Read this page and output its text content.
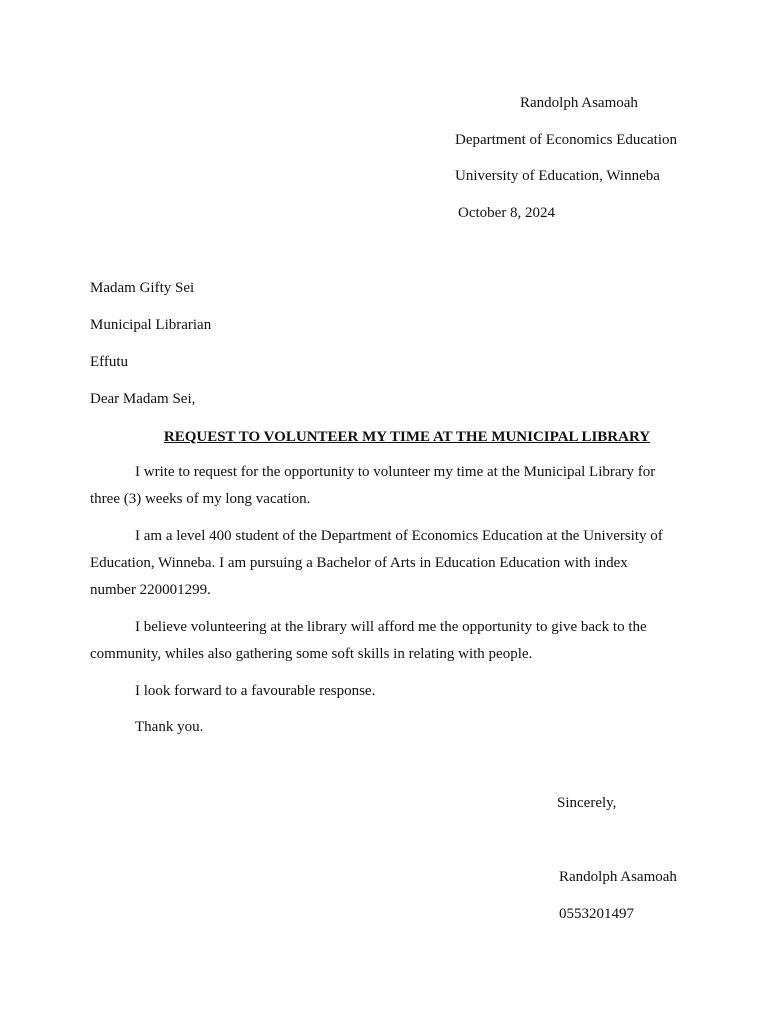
Randolph Asamoah
Department of Economics Education
University of Education, Winneba
October 8, 2024
Madam Gifty Sei
Municipal Librarian
Effutu
Dear Madam Sei,
REQUEST TO VOLUNTEER MY TIME AT THE MUNICIPAL LIBRARY

I write to request for the opportunity to volunteer my time at the Municipal Library for three (3) weeks of my long vacation.

I am a level 400 student of the Department of Economics Education at the University of Education, Winneba. I am pursuing a Bachelor of Arts in Education Education with index number 220001299.

I believe volunteering at the library will afford me the opportunity to give back to the community, whiles also gathering some soft skills in relating with people.

I look forward to a favourable response.

Thank you.

Sincerely,
Randolph Asamoah
0553201497
